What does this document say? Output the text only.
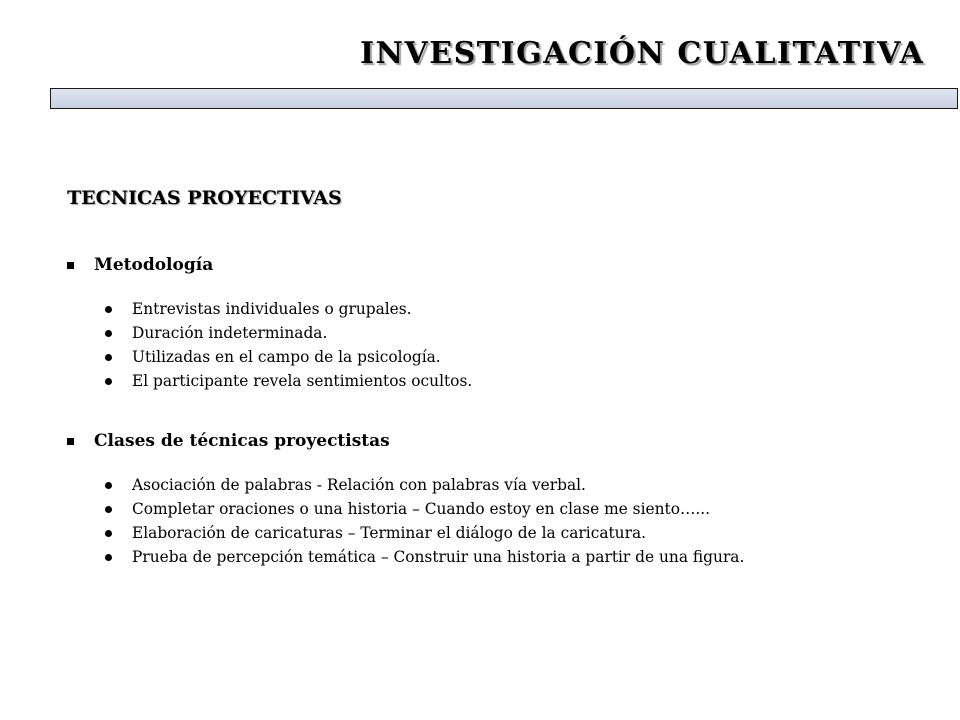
INVESTIGACIÓN CUALITATIVA
TECNICAS PROYECTIVAS
Metodología
Entrevistas individuales o grupales.
Duración indeterminada.
Utilizadas en el campo de la psicología.
El participante revela sentimientos ocultos.
Clases de técnicas proyectistas
Asociación de palabras - Relación con palabras vía verbal.
Completar oraciones o una historia – Cuando estoy en clase me siento…...
Elaboración de caricaturas – Terminar el diálogo de la caricatura.
Prueba de percepción temática – Construir una historia a partir de una figura.
